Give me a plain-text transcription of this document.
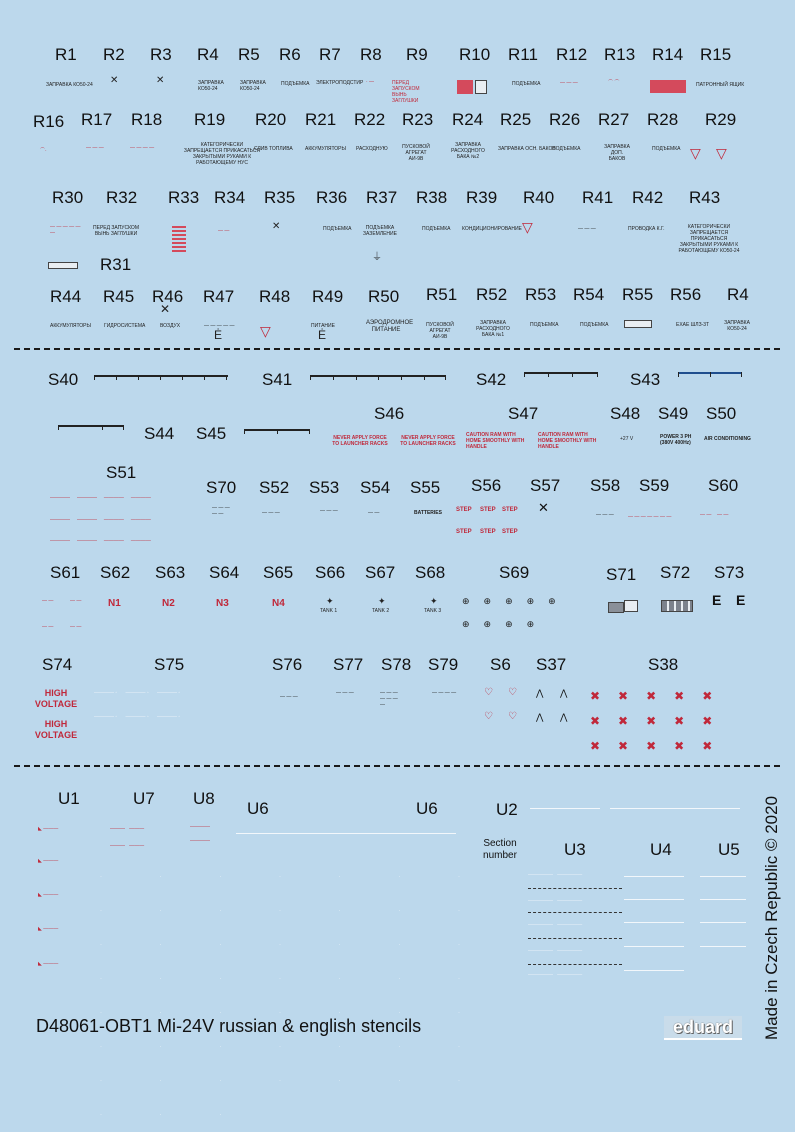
R1 R2 R3 R4 R5 R6 R7 R8 R9 R10 R11 R12 R13 R14 R15
ЗАПРАВКА КО50-24 ✕	✕	ЗАПРАВКА КО50-24
ЗАПРАВКА КО50-24
ПОДЪЕМКА ЭЛЕКТРОПОДСТИР · —	ПЕРЕД ЗАПУСКОМ ВЫНЬ ЗАГЛУШКИ
ПОДЪЕМКА	— — —	⌒ ⌒	ПАТРОННЫЙ ЯЩИК
R16 R17 R18 R19 R20 R21 R22 R23 R24 R25 R26 R27 R28 R29
⌒·	— — —	— — — —	КАТЕГОРИЧЕСКИ ЗАПРЕЩАЕТСЯ ПРИКАСАТЬСЯ ЗАКРЫТЫМИ РУКАМИ К РАБОТАЮЩЕМУ НУС
СЛИВ ТОПЛИВА АККУМУЛЯТОРЫ РАСХОДНУЮ	ПУСКОВОЙ АГРЕГАТ АИ-9В
ЗАПРАВКА РАСХОДНОГО БАКА №2
ЗАПРАВКА ОСН. БАКОВ
ПОДЪЕМКА	ЗАПРАВКА ДОП. БАКОВ
ПОДЪЕМКА ▽ ▽
R30 R32 R33 R34 R35 R36 R37 R38 R39 R40 R41 R42 R43
R31
— — — — — —
ПЕРЕД ЗАПУСКОМ ВЫНЬ ЗАГЛУШКИ	— —	✕	ПОДЪЕМКА	ПОДЪЕМКА ЗАЗЕМЛЕНИЕ
⏚
ПОДЪЕМКА КОНДИЦИОНИРОВАНИЕ ▽	— — —	ПРОВОДКА К.Г.	КАТЕГОРИЧЕСКИ ЗАПРЕЩАЕТСЯ ПРИКАСАТЬСЯ ЗАКРЫТЫМИ РУКАМИ К РАБОТАЮЩЕМУ КО50-24
R44 R45 R46 R47 R48 R49 R50 R51 R52 R53 R54 R55 R56 R4
АККУМУЛЯТОРЫ	ГИДРОСИСТЕМА
✕
ВОЗДУХ	— — — — —
Ė	▽	ПИТАНИЕ
Ė
АЭРОДРОМНОЕ ПИТАНИЕ
ПУСКОВОЙ АГРЕГАТ АИ-9В
ЗАПРАВКА РАСХОДНОГО БАКА №1
ПОДЪЕМКА	ПОДЪЕМКА	ЕХАЕ ШЛЗ-3Т	ЗАПРАВКА КО50-24
S40	S41	S42	S43
S44 S45
S46	S47	S48 S49 S50
NEVER APPLY FORCE TO LAUNCHER RACKS
NEVER APPLY FORCE TO LAUNCHER RACKS
CAUTION RAM WITH HOME SMOOTHLY WITH HANDLE
CAUTION RAM WITH HOME SMOOTHLY WITH HANDLE
+27 V	POWER 3 PH (380V 400Hz)
AIR CONDITIONING
S51
S70 S52 S53 S54 S55 S56 S57 S58 S59 S60
————     ————     ————     ————
————     ————     ————     ————
————     ————     ————     ————
— — — — —	— — —	— — —	— —	BATTERIES STEP STEP STEP
STEP STEP STEP
✕	— — —	— — — — — — —	— —    — —
S61 S62 S63 S64 S65 S66 S67 S68	S69	S71 S72 S73
— —	— —
— —	— —
N1	N2	N3	N4	✦
TANK 1
✦
TANK 2
✦
TANK 3
⊕⊕⊕⊕⊕
⊕⊕⊕⊕
E E
S74	S75	S76 S77 S78 S79 S6 S37	S38
HIGH VOLTAGE
HIGH VOLTAGE
———— ◦      ———— ◦      ———— ◦
———— ◦      ———— ◦      ———— ◦
— — —
— — —	— — — — — — —
— — — —	♡ ♡
♡ ♡
⋀ ⋀
⋀ ⋀
✖✖✖✖✖ ✖✖✖✖✖ ✖✖✖✖✖
U1	U7 U8
U6	U6	U2
U3	U4	U5
Section number
◣ ———
◣ ———
◣ ———
◣ ———
◣ ———
———   ———
———   ———
————
————
· · · · · · · · · · · · · · · · · · · · · · · · · · · · · · · · · · · · · · · · · · · · · · · · · · · ·
—————   —————
—————   —————
—————   —————
—————   —————
—————   —————
D48061-OBT1 Mi-24V russian & english stencils	eduard	Made in Czech Republic © 2020
